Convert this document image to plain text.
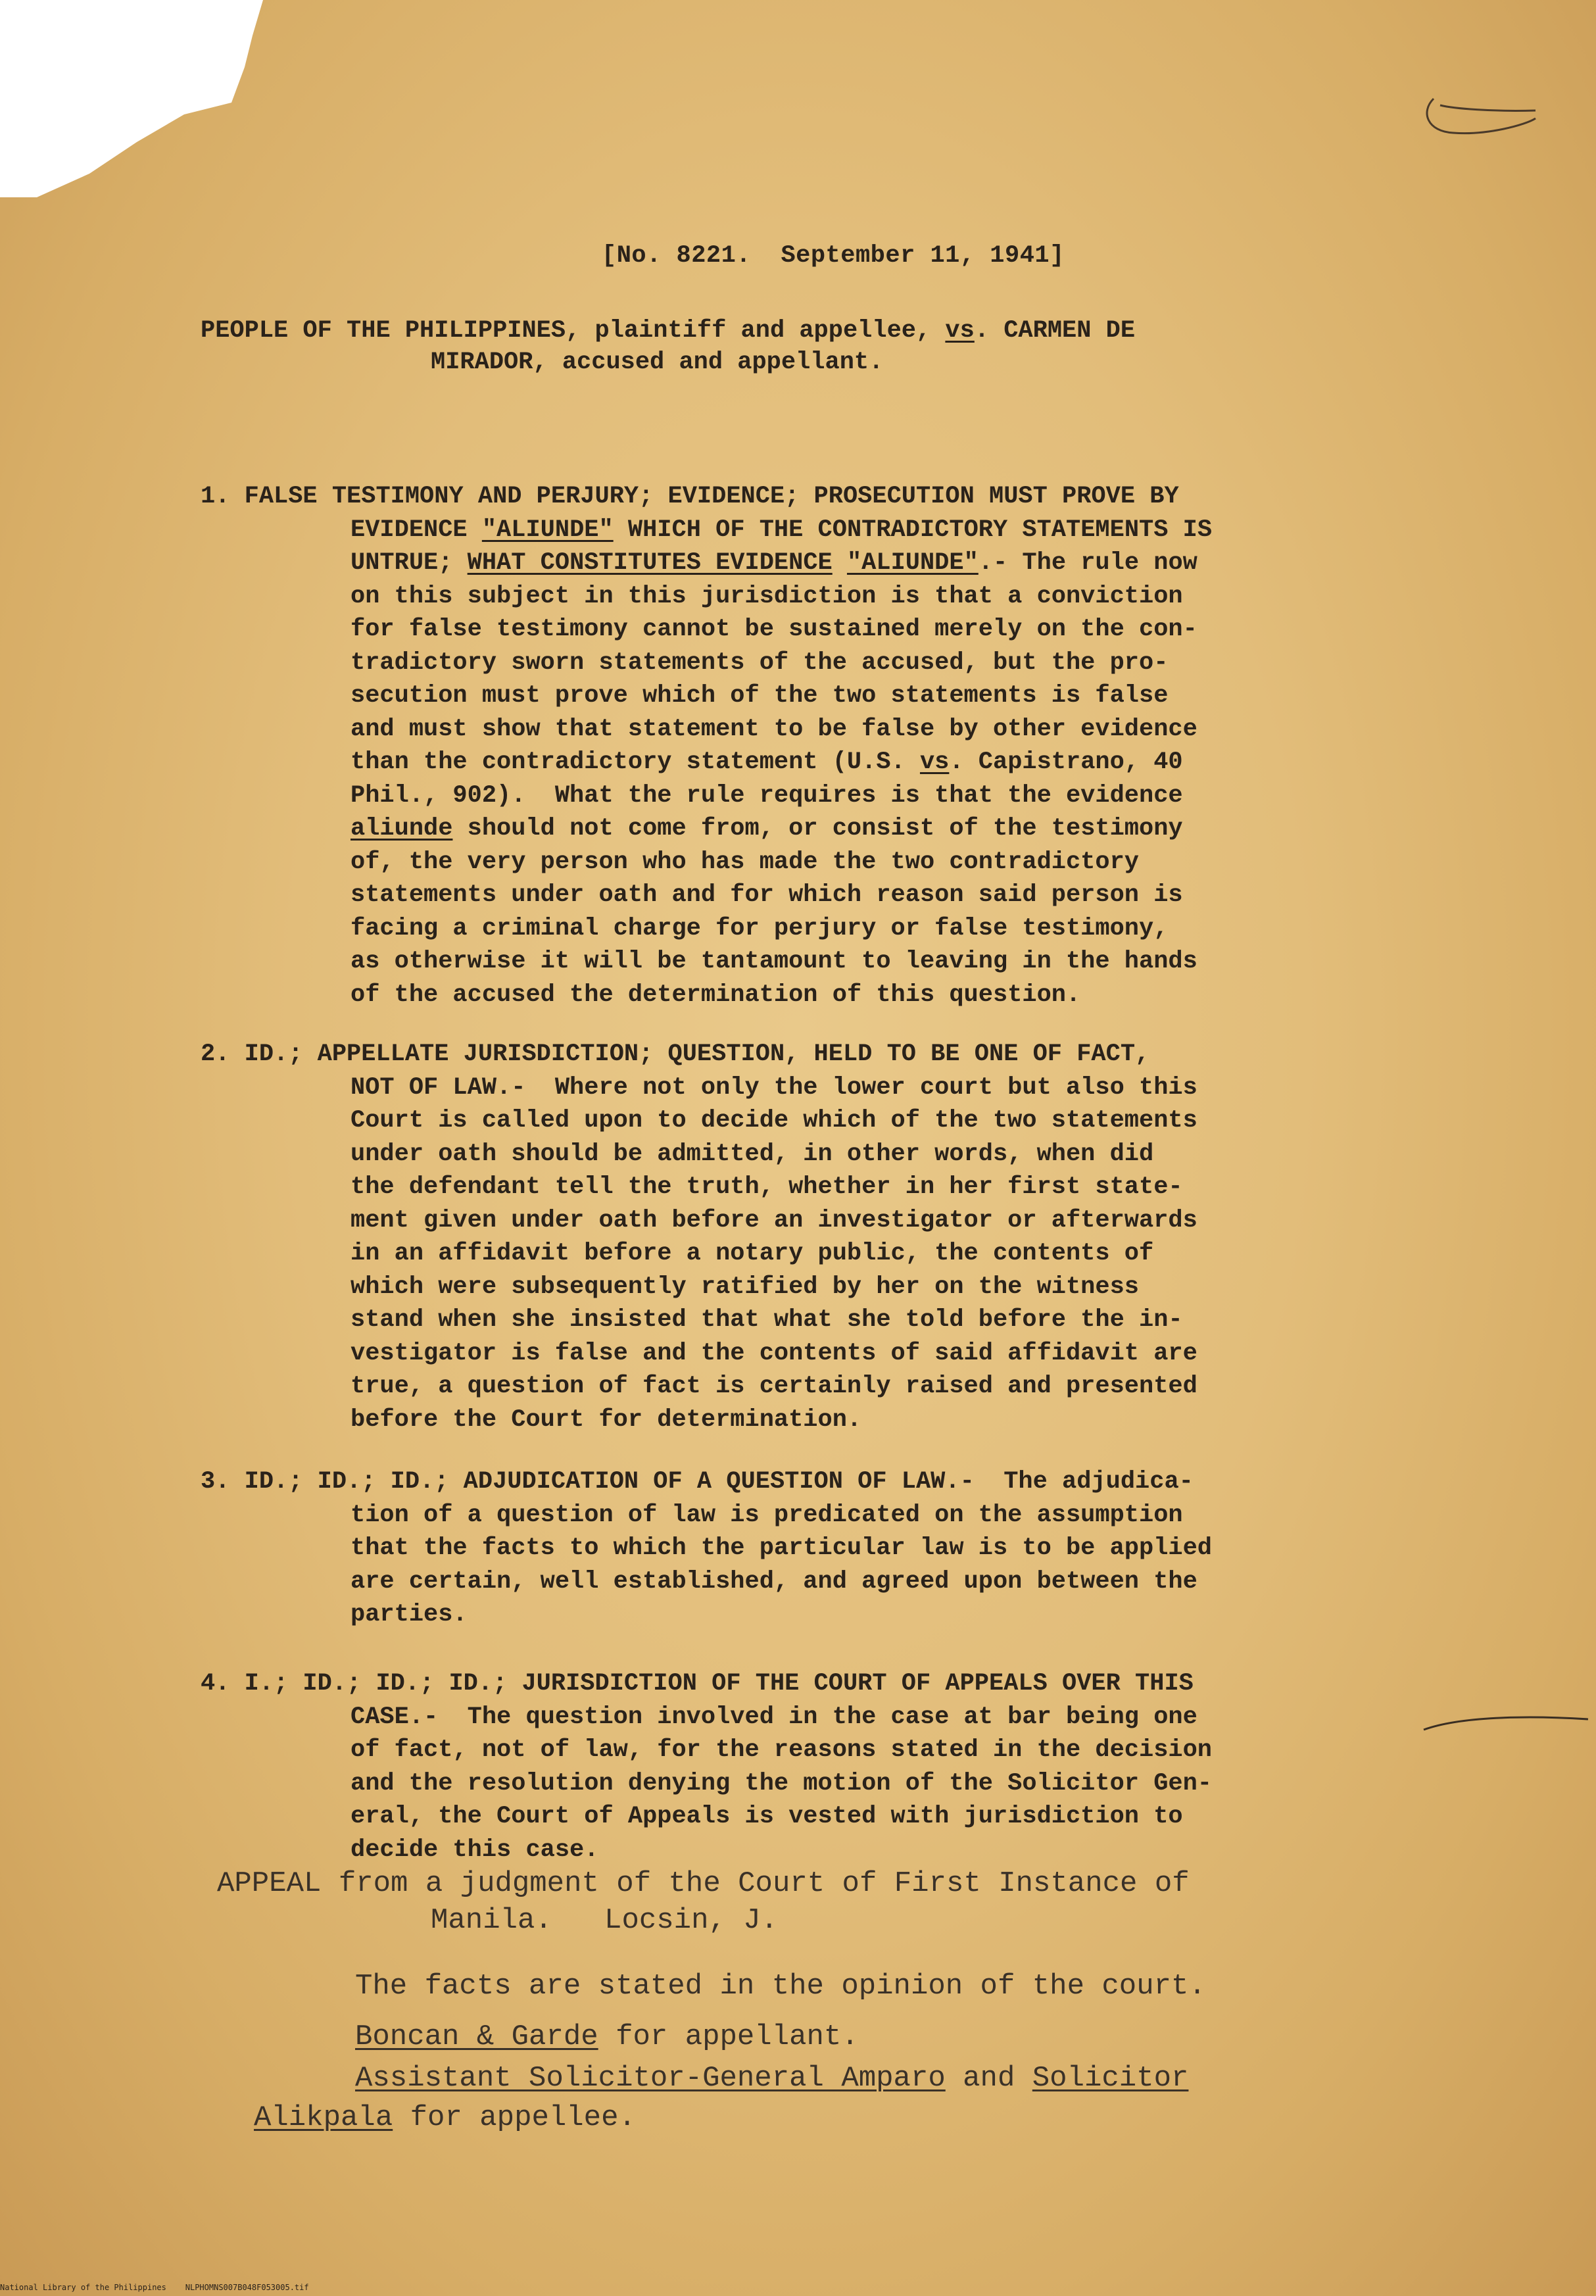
[No. 8221.  September 11, 1941]
PEOPLE OF THE PHILIPPINES, plaintiff and appellee, vs. CARMEN DE
MIRADOR, accused and appellant.
1. FALSE TESTIMONY AND PERJURY; EVIDENCE; PROSECUTION MUST PROVE BY
EVIDENCE "ALIUNDE" WHICH OF THE CONTRADICTORY STATEMENTS IS
UNTRUE; WHAT CONSTITUTES EVIDENCE "ALIUNDE".- The rule now
on this subject in this jurisdiction is that a conviction
for false testimony cannot be sustained merely on the con-
tradictory sworn statements of the accused, but the pro-
secution must prove which of the two statements is false
and must show that statement to be false by other evidence
than the contradictory statement (U.S. vs. Capistrano, 40
Phil., 902).  What the rule requires is that the evidence
aliunde should not come from, or consist of the testimony
of, the very person who has made the two contradictory
statements under oath and for which reason said person is
facing a criminal charge for perjury or false testimony,
as otherwise it will be tantamount to leaving in the hands
of the accused the determination of this question.
2. ID.; APPELLATE JURISDICTION; QUESTION, HELD TO BE ONE OF FACT,
NOT OF LAW.-  Where not only the lower court but also this
Court is called upon to decide which of the two statements
under oath should be admitted, in other words, when did
the defendant tell the truth, whether in her first state-
ment given under oath before an investigator or afterwards
in an affidavit before a notary public, the contents of
which were subsequently ratified by her on the witness
stand when she insisted that what she told before the in-
vestigator is false and the contents of said affidavit are
true, a question of fact is certainly raised and presented
before the Court for determination.
3. ID.; ID.; ID.; ADJUDICATION OF A QUESTION OF LAW.-  The adjudica-
tion of a question of law is predicated on the assumption
that the facts to which the particular law is to be applied
are certain, well established, and agreed upon between the
parties.
4. I.; ID.; ID.; ID.; JURISDICTION OF THE COURT OF APPEALS OVER THIS
CASE.-  The question involved in the case at bar being one
of fact, not of law, for the reasons stated in the decision
and the resolution denying the motion of the Solicitor Gen-
eral, the Court of Appeals is vested with jurisdiction to
decide this case.
APPEAL from a judgment of the Court of First Instance of
Manila.   Locsin, J.
The facts are stated in the opinion of the court.
Boncan & Garde for appellant.
Assistant Solicitor-General Amparo and Solicitor
Alikpala for appellee.
National Library of the Philippines    NLPHOMNS007B048F053005.tif
